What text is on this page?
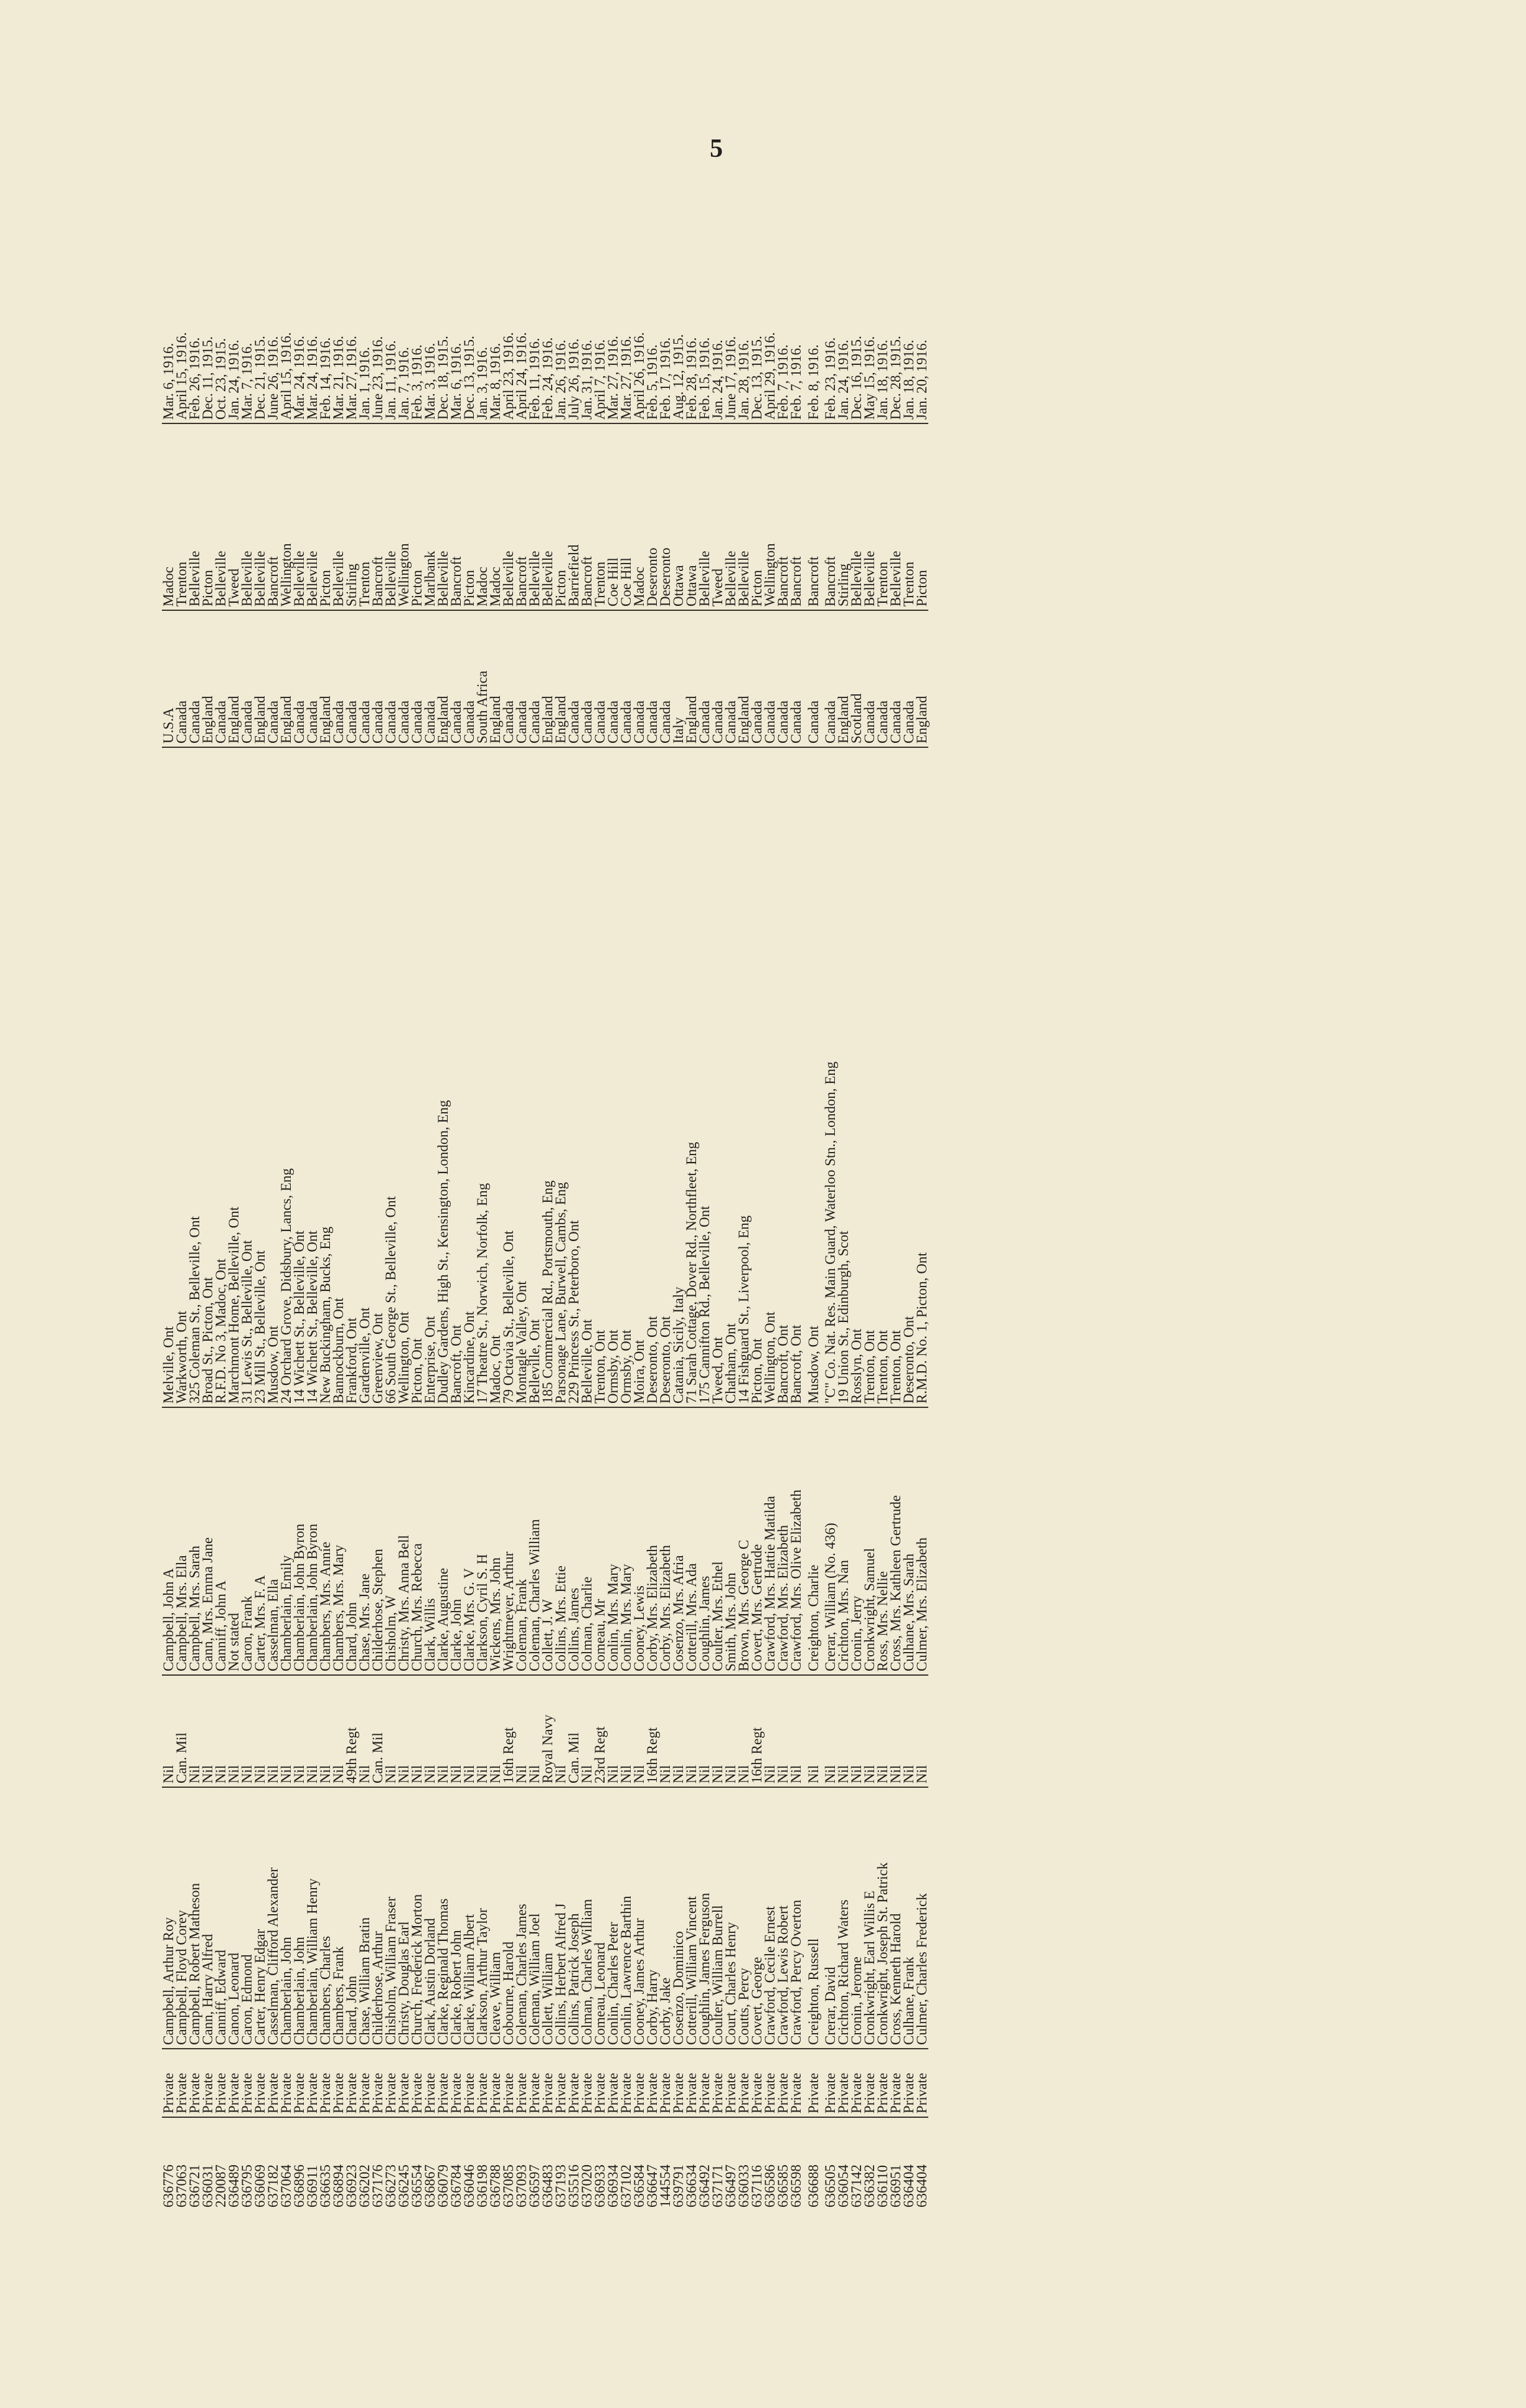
5
636776	Private	Campbell, Arthur Roy	Nil	Campbell, John A	Melville, Ont	U.S.A	Madoc	Mar. 6, 1916.
637063	Private	Campbell, Floyd Corey	Can. Mil	Campbell, Mrs. Ella	Warkworth, Ont	Canada	Trenton	April 15, 1916.
636721	Private	Campbell, Robert Matheson	Nil	Campbell, Mrs. Sarah	325 Coleman St., Belleville, Ont	Canada	Belleville	Feb. 26, 1916.
636031	Private	Cann, Harry Alfred	Nil	Cann, Mrs. Emma Jane	Broad St., Picton, Ont	England	Picton	Dec. 11, 1915.
220087	Private	Canniff, Edward	Nil	Canniff, John A	R.F.D. No 3, Madoc, Ont	Canada	Belleville	Oct. 23, 1915.
636489	Private	Canon, Leonard	Nil	Not stated	Marchmont Home, Belleville, Ont	England	Tweed	Jan. 24, 1916.
636795	Private	Caron, Edmond	Nil	Caron, Frank	31 Lewis St., Belleville, Ont	Canada	Belleville	Mar. 7, 1916.
636069	Private	Carter, Henry Edgar	Nil	Carter, Mrs. F. A	23 Mill St., Belleville, Ont	England	Belleville	Dec. 21, 1915.
637182	Private	Casselman, Clifford Alexander	Nil	Casselman, Ella	Musdow, Ont	Canada	Bancroft	June 26, 1916.
637064	Private	Chamberlain, John	Nil	Chamberlain, Emily	24 Orchard Grove, Didsbury, Lancs, Eng	England	Wellington	April 15, 1916.
636896	Private	Chamberlain, John	Nil	Chamberlain, John Byron	14 Wichett St., Belleville, Ont	Canada	Belleville	Mar. 24, 1916.
636911	Private	Chamberlain, William Henry	Nil	Chamberlain, John Byron	14 Wichett St., Belleville, Ont	Canada	Belleville	Mar. 24, 1916.
636635	Private	Chambers, Charles	Nil	Chambers, Mrs. Annie	New Buckingham, Bucks, Eng	England	Picton	Feb. 14, 1916.
636894	Private	Chambers, Frank	Nil	Chambers, Mrs. Mary	Bannockburn, Ont	Canada	Belleville	Mar. 21, 1916.
636923	Private	Chard, John	49th Regt	Chard, John	Frankford, Ont	Canada	Stirling	Mar. 27, 1916.
636202	Private	Chase, William Bratin	Nil	Chase, Mrs. Jane	Gardenville, Ont	Canada	Trenton	Jan. 1, 1916.
637176	Private	Childerhose, Arthur	Can. Mil	Childerhose, Stephen	Greenview, Ont	Canada	Bancroft	June 23, 1916.
636273	Private	Chisholm, William Fraser	Nil	Chisholm, W	66 South George St., Belleville, Ont	Canada	Belleville	Jan. 11, 1916.
636245	Private	Christy, Douglas Earl	Nil	Christy, Mrs. Anna Bell	Wellington, Ont	Canada	Wellington	Jan. 7, 1916.
636554	Private	Church, Frederick Morton	Nil	Church, Mrs. Rebecca	Picton, Ont	Canada	Picton	Feb. 3, 1916.
636867	Private	Clark, Austin Dorland	Nil	Clark, Willis	Enterprise, Ont	Canada	Marlbank	Mar. 3, 1916.
636079	Private	Clarke, Reginald Thomas	Nil	Clarke, Augustine	Dudley Gardens, High St., Kensington, London, Eng	England	Belleville	Dec. 18, 1915.
636784	Private	Clarke, Robert John	Nil	Clarke, John	Bancroft, Ont	Canada	Bancroft	Mar. 6, 1916.
636046	Private	Clarke, William Albert	Nil	Clarke, Mrs. G. V	Kincardine, Ont	Canada	Picton	Dec. 13, 1915.
636198	Private	Clarkson, Arthur Taylor	Nil	Clarkson, Cyril S. H	17 Theatre St., Norwich, Norfolk, Eng	South Africa	Madoc	Jan. 3, 1916.
636788	Private	Cleave, William	Nil	Wickens, Mrs. John	Madoc, Ont	England	Madoc	Mar. 8, 1916.
637085	Private	Cobourne, Harold	16th Regt	Wrightmeyer, Arthur	79 Octavia St., Belleville, Ont	Canada	Belleville	April 23, 1916.
637093	Private	Coleman, Charles James	Nil	Coleman, Frank	Montagle Valley, Ont	Canada	Bancroft	April 24, 1916.
636597	Private	Coleman, William Joel	Nil	Coleman, Charles William	Belleville, Ont	Canada	Belleville	Feb. 11, 1916.
636483	Private	Collett, William	Royal Navy	Collett, J. W	185 Commercial Rd., Portsmouth, Eng	England	Belleville	Feb. 24, 1916.
637193	Private	Collins, Herbert Alfred J	Nil	Collins, Mrs. Ettie	Parsonage Lane, Burwell, Cambs, Eng	England	Picton	Jan. 26, 1916.
635516	Private	Collins, Patrick Joseph	Can. Mil	Collins, James	229 Princess St., Peterboro, Ont	Canada	Barriefield	July 26, 1916.
637020	Private	Colman, Charles William	Nil	Colman, Charlie	Belleville, Ont	Canada	Bancroft	Jan. 31, 1916.
636933	Private	Comeau, Leonard	23rd Regt	Comeau, Mr	Trenton, Ont	Canada	Trenton	April 7, 1916.
636934	Private	Conlin, Charles Peter	Nil	Conlin, Mrs. Mary	Ormsby, Ont	Canada	Coe Hill	Mar. 27, 1916.
637102	Private	Conlin, Lawrence Barthin	Nil	Conlin, Mrs. Mary	Ormsby, Ont	Canada	Coe Hill	Mar. 27, 1916.
636584	Private	Cooney, James Arthur	Nil	Cooney, Lewis	Moira, Ont	Canada	Madoc	April 26, 1916.
636647	Private	Corby, Harry	16th Regt	Corby, Mrs. Elizabeth	Deseronto, Ont	Canada	Deseronto	Feb. 5, 1916.
144554	Private	Corby, Jake	Nil	Corby, Mrs. Elizabeth	Deseronto, Ont	Canada	Deseronto	Feb. 17, 1916.
639791	Private	Cosenzo, Dominico	Nil	Cosenzo, Mrs. Afria	Catania, Sicily, Italy	Italy	Ottawa	Aug. 12, 1915.
636634	Private	Cotterill, William Vincent	Nil	Cotterill, Mrs. Ada	71 Sarah Cottage, Dover Rd., Northfleet, Eng	England	Ottawa	Feb. 28, 1916.
636492	Private	Coughlin, James Ferguson	Nil	Coughlin, James	175 Cannifton Rd., Belleville, Ont	Canada	Belleville	Feb. 15, 1916.
637171	Private	Coulter, William Burrell	Nil	Coulter, Mrs. Ethel	Tweed, Ont	Canada	Tweed	Jan. 24, 1916.
636497	Private	Court, Charles Henry	Nil	Smith, Mrs. John	Chatham, Ont	Canada	Belleville	June 17, 1916.
636033	Private	Coutts, Percy	Nil	Brown, Mrs. George C	14 Fishguard St., Liverpool, Eng	England	Belleville	Jan. 28, 1916.
637116	Private	Covert, George	16th Regt	Covert, Mrs. Gertrude	Picton, Ont	Canada	Picton	Dec. 13, 1915.
636586	Private	Crawford, Cecile Ernest	Nil	Crawford, Mrs. Hattie Matilda	Wellington, Ont	Canada	Wellington	April 29, 1916.
636585	Private	Crawford, Lewis Robert	Nil	Crawford, Mrs. Elizabeth	Bancroft, Ont	Canada	Bancroft	Feb. 7, 1916.
636598	Private	Crawford, Percy Overton	Nil	Crawford, Mrs. Olive Elizabeth	Bancroft, Ont	Canada	Bancroft	Feb. 7, 1916.
636688	Private	Creighton, Russell	Nil	Creighton, Charlie	Musdow, Ont	Canada	Bancroft	Feb. 8, 1916.
636505	Private	Crerar, David	Nil	Crerar, William (No. 436)	"C" Co. Nat. Res. Main Guard, Waterloo Stn., London, Eng	Canada	Bancroft	Feb. 23, 1916.
636054	Private	Crichton, Richard Waters	Nil	Crichton, Mrs. Nan	19 Union St., Edinburgh, Scot	England	Stirling	Jan. 24, 1916.
637142	Private	Cronin, Jerome	Nil	Cronin, Jerry	Rosslyn, Ont	Scotland	Belleville	Dec. 16, 1915.
636382	Private	Cronkwright, Earl Willis E	Nil	Cronkwright, Samuel	Trenton, Ont	Canada	Belleville	May 15, 1916.
636110	Private	Cronkwright, Joseph St. Patrick	Nil	Ross, Mrs. Nellie	Trenton, Ont	Canada	Trenton	Jan. 18, 1916.
636951	Private	Cross, Kenneth Harold	Nil	Cross, Mrs. Kathleen Gertrude	Trenton, Ont	Canada	Belleville	Dec. 28, 1915.
636404	Private	Culhane, Frank	Nil	Culhane, Mrs. Sarah	Deseronto, Ont	Canada	Trenton	Jan. 18, 1916.
636404	Private	Culmer, Charles Frederick	Nil	Culmer, Mrs. Elizabeth	R.M.D. No. 1, Picton, Ont	England	Picton	Jan. 20, 1916.
